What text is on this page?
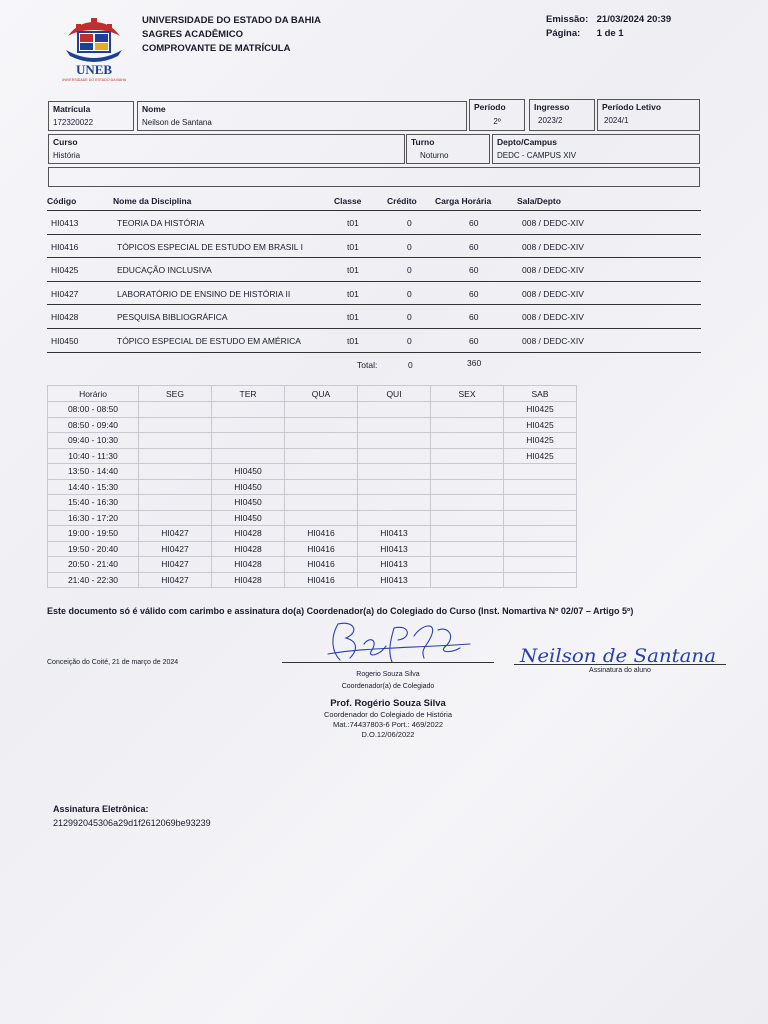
UNEB
UNIVERSIDADE DO ESTADO DA BAHIA
UNIVERSIDADE DO ESTADO DA BAHIA
SAGRES ACADÊMICO
COMPROVANTE DE MATRÍCULA
Emissão: 21/03/2024 20:39
Página: 1 de 1
Matrícula
172320022
Nome
Neilson de Santana
Período
2º
Ingresso
2023/2
Período Letivo
2024/1
Curso
História
Turno
Noturno
Depto/Campus
DEDC - CAMPUS XIV
Código	Nome da Disciplina	Classe	Crédito Carga Horária	Sala/Depto
HI0413	TEORIA DA HISTÓRIA	t01	0	60	008 / DEDC-XIV
HI0416	TÓPICOS ESPECIAL DE ESTUDO EM BRASIL I	t01	0	60	008 / DEDC-XIV
HI0425	EDUCAÇÃO INCLUSIVA	t01	0	60	008 / DEDC-XIV
HI0427	LABORATÓRIO DE ENSINO DE HISTÓRIA II	t01	0	60	008 / DEDC-XIV
HI0428	PESQUISA BIBLIOGRÁFICA	t01	0	60	008 / DEDC-XIV
HI0450	TÓPICO ESPECIAL DE ESTUDO EM AMÉRICA	t01	0	60	008 / DEDC-XIV
Total:	0	360
Horário	SEG	TER	QUA	QUI	SEX	SAB
08:00 - 08:50						HI0425
08:50 - 09:40						HI0425
09:40 - 10:30						HI0425
10:40 - 11:30						HI0425
13:50 - 14:40		HI0450				
14:40 - 15:30		HI0450				
15:40 - 16:30		HI0450				
16:30 - 17:20		HI0450				
19:00 - 19:50	HI0427	HI0428	HI0416	HI0413		
19:50 - 20:40	HI0427	HI0428	HI0416	HI0413		
20:50 - 21:40	HI0427	HI0428	HI0416	HI0413		
21:40 - 22:30	HI0427	HI0428	HI0416	HI0413		
Este documento só é válido com carimbo e assinatura do(a) Coordenador(a) do Colegiado do Curso (Inst. Nomartiva Nº 02/07 – Artigo 5º)
Conceição do Coité, 21 de março de 2024
Rogerio Souza Silva
Coordenador(a) de Colegiado
Prof. Rogério Souza Silva
Coordenador do Colegiado de História
Mat.:74437803-6 Port.: 469/2022
D.O.12/06/2022
Neilson de Santana
Assinatura do aluno
Assinatura Eletrônica:
212992045306a29d1f2612069be93239
